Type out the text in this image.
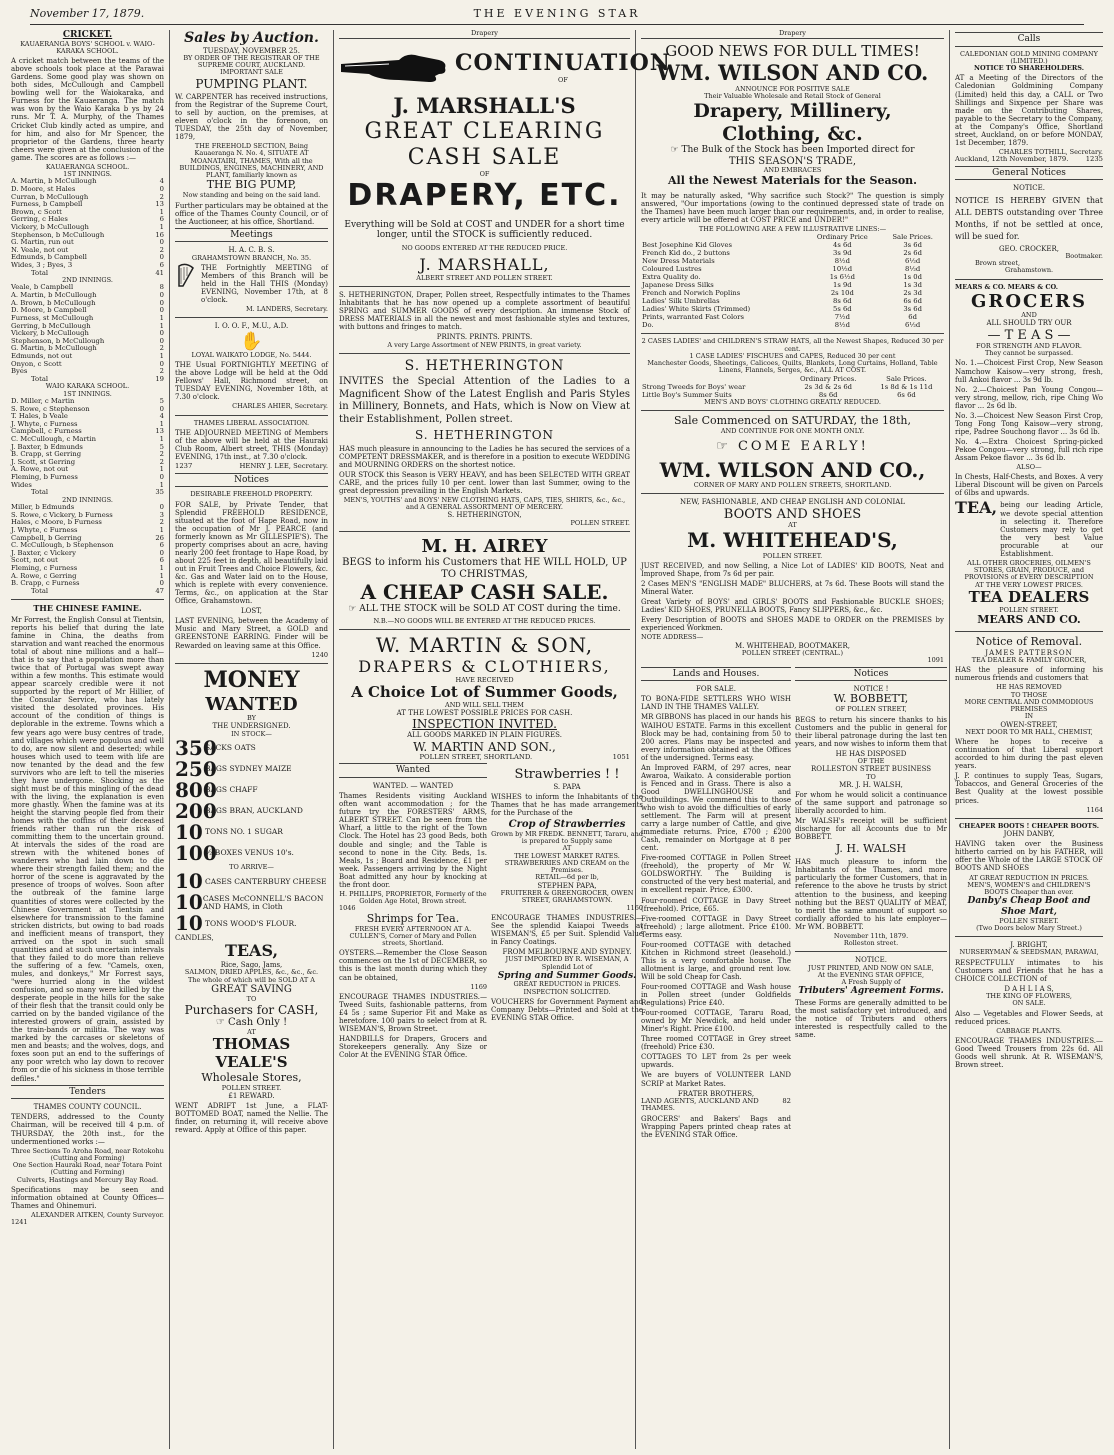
November 17, 1879.	THE EVENING STAR
CRICKET.
KAUAERANGA BOYS' SCHOOL v. WAIO-KARAKA SCHOOL.
A cricket match between the teams of the above schools took place at the Parawai Gardens. Some good play was shown on both sides, McCullough and Campbell bowling well for the Waiokaraka, and Furness for the Kauaeranga. The match was won by the Waio Karaka b ys by 24 runs. Mr T. A. Murphy, of the Thames Cricket Club kindly acted as umpire, and for him, and also for Mr Spencer, the proprietor of the Gardens, three hearty cheers were given at the conclusion of the game. The scores are as follows :—
KAUAERANGA SCHOOL.
1ST INNINGS.
A. Martin, b McCullough	4
D. Moore, st Hales	0
Curran, b McCullough	2
Furness, b Campbell	13
Brown, c Scott	1
Gerring, c Hales	6
Vickery, b McCullough	1
Stephenson, b McCullough	16
G. Martin, run out	0
N. Veale, not out	2
Edmunds, b Campbell	0
Wides, 3 ; Byes, 3	6
Total	41
2ND INNINGS.
Veale, b Campbell	8
A. Martin, b McCullough	0
A. Brown, b McCullough	0
D. Moore, b Campbell	0
Furness, st McCullough	1
Gerring, b McCullough	1
Vickery, b McCullough	0
Stephenson, b McCullough	0
G. Martin, b McCullough	2
Edmunds, not out	1
Onyon, c Scott	0
Byes	2
Total	19
WAIO KARAKA SCHOOL.
1ST INNINGS.
D. Miller, c Martin	5
S. Rowe, c Stephenson	0
T. Hales, b Veale	4
J. Whyte, c Furness	1
Campbell, c Furness	13
C. McCullough, c Martin	1
J. Baxter, b Edmunds	5
B. Crapp, st Gerring	2
J. Scott, st Gerring	2
A. Rowe, not out	1
Fleming, b Furness	0
Wides	1
Total	35
2ND INNINGS.
Miller, b Edmunds	0
S. Rowe, c Vickery, b Furness	3
Hales, c Moore, b Furness	2
J. Whyte, c Furness	1
Campbell, b Gerring	26
C. McCullough, b Stephenson	6
J. Baxter, c Vickery	0
Scott, not out	6
Fleming, c Furness	1
A. Rowe, c Gerring	1
B. Crapp, c Furness	0
Total	47
THE CHINESE FAMINE.
Mr Forrest, the English Consul at Tientsin, reports his belief that during the late famine in China, the deaths from starvation and want reached the enormous total of about nine millions and a half—that is to say that a population more than twice that of Portugal was swept away within a few months. This estimate would appear scarcely credible were it not supported by the report of Mr Hillier, of the Consular Service, who has lately visited the desolated provinces. His account of the condition of things is deplorable in the extreme. Towns which a few years ago were busy centres of trade, and villages which were populous and well to do, are now silent and deserted; while houses which used to teem with life are now tenanted by the dead and the few survivors who are left to tell the miseries they have undergone. Shocking as the sight must be of this mingling of the dead with the living, the explanation is even more ghastly. When the famine was at its height the starving people fled from their homes with the coffins of their deceased friends rather than run the risk of committing them to the uncertain ground. At intervals the sides of the road are strewn with the whitened bones of wanderers who had lain down to die where their strength failed them; and the horror of the scene is aggravated by the presence of troops of wolves. Soon after the outbreak of the famine large quantities of stores were collected by the Chinese Government at Tientsin and elsewhere for transmission to the famine stricken districts, but owing to bad roads and inefficient means of transport, they arrived on the spot in such small quantities and at such uncertain intervals that they failed to do more than relieve the suffering of a few. "Camels, oxen, mules, and donkeys," Mr Forrest says, "were hurried along in the wildest confusion, and so many were killed by the desperate people in the hills for the sake of their flesh that the transit could only be carried on by the banded vigilance of the interested growers of grain, assisted by the train-bands or militia. The way was marked by the carcases or skeletons of men and beasts; and the wolves, dogs, and foxes soon put an end to the sufferings of any poor wretch who lay down to recover from or die of his sickness in those terrible defiles."
Tenders
THAMES COUNTY COUNCIL.
TENDERS, addressed to the County Chairman, will be received till 4 p.m. of THURSDAY, the 20th inst., for the undermentioned works :—
Three Sections To Aroha Road, near Rotokohu (Cutting and Forming)
One Section Hauraki Road, near Totara Point (Cutting and Forming)
Culverts, Hastings and Mercury Bay Road.
Specifications may be seen and information obtained at County Offices—Thames and Ohinemuri.
ALEXANDER AITKEN, County Surveyor.
1241
Sales by Auction.
TUESDAY, NOVEMBER 25.
BY ORDER OF THE REGISTRAR OF THE SUPREME COURT, AUCKLAND.
IMPORTANT SALE
PUMPING PLANT.
W. CARPENTER has received instructions, from the Registrar of the Supreme Court, to sell by auction, on the premises, at eleven o'clock in the forenoon, on TUESDAY, the 25th day of November, 1879,
THE FREEHOLD SECTION, Being Kauaeranga N. No. 4, SITUATE AT MOANATAIRI, THAMES, With all the BUILDINGS, ENGINES, MACHINERY, AND PLANT, familiarly known as
THE BIG PUMP,
Now standing and being on the said land.
Further particulars may be obtained at the office of the Thames County Council, or of the Auctioneer, at his office, Shortland.
Meetings
H. A. C. B. S.
GRAHAMSTOWN BRANCH, No. 35.
THE Fortnightly MEETING of Members of this Branch will be held in the Hall THIS (Monday) EVENING, November 17th, at 8 o'clock.
M. LANDERS, Secretary.
I. O. O. F., M.U., A.D.
✋
LOYAL WAIKATO LODGE, No. 5444.
THE Usual FORTNIGHTLY MEETING of the above Lodge will be held at the Odd Fellows' Hall, Richmond street, on TUESDAY EVENING, November 18th, at 7.30 o'clock.
CHARLES AHIER, Secretary.
THAMES LIBERAL ASSOCIATION.
THE ADJOURNED MEETING of Members of the above will be held at the Hauraki Club Room, Albert street, THIS (Monday) EVENING, 17th inst., at 7.30 o'clock.
1237	HENRY J. LEE, Secretary.
Notices
DESIRABLE FREEHOLD PROPERTY.
FOR SALE, by Private Tender, that Splendid FREEHOLD RESIDENCE, situated at the foot of Hape Road, now in the occupation of Mr J. PEARCE (and formerly known as Mr GILLESPIE'S). The property comprises about an acre, having nearly 200 feet frontage to Hape Road, by about 225 feet in depth, all beautifully laid out in Fruit Trees and Choice Flowers, &c. &c. Gas and Water laid on to the House, which is replete with every convenience. Terms, &c., on application at the Star Office, Grahamstown.
LOST,
LAST EVENING, between the Academy of Music and Mary Street, a GOLD and GREENSTONE EARRING. Finder will be Rewarded on leaving same at this Office.
1240
MONEY
WANTED
BY
THE UNDERSIGNED.
IN STOCK—
350
SACKS OATS
250
BAGS SYDNEY MAIZE
800
BAGS CHAFF
200
BAGS BRAN, AUCKLAND
10 TONS NO. 1 SUGAR
100
½-BOXES VENUS 10's.
TO ARRIVE—
10 CASES CANTERBURY CHEESE
10 CASES McCONNELL'S BACON AND HAMS, in Cloth
10 TONS WOOD'S FLOUR.
CANDLES,
TEAS,
Rice, Sago, Jams,
SALMON, DRIED APPLES, &c., &c., &c.
The whole of which will be SOLD AT A
GREAT SAVING
TO
Purchasers for CASH,
☞ Cash Only !
AT
THOMAS VEALE'S
Wholesale Stores,
POLLEN STREET.
£1 REWARD.
WENT ADRIFT 1st June, a FLAT-BOTTOMED BOAT, named the Nellie. The finder, on returning it, will receive above reward. Apply at Office of this paper.
Drapery
CONTINUATION
OF
J. MARSHALL'S
GREAT CLEARING
CASH SALE
OF
DRAPERY, ETC.
Everything will be Sold at COST and UNDER for a short time longer, until the STOCK is sufficiently reduced.
NO GOODS ENTERED AT THE REDUCED PRICE.
J. MARSHALL,
ALBERT STREET AND POLLEN STREET.
S. HETHERINGTON, Draper, Pollen street, Respectfully intimates to the Thames Inhabitants that he has now opened up a complete assortment of beautiful SPRING and SUMMER GOODS of every description. An immense Stock of DRESS MATERIALS in all the newest and most fashionable styles and textures, with buttons and fringes to match.
PRINTS. PRINTS. PRINTS.
A very Large Assortment of NEW PRINTS, in great variety.
S. HETHERINGTON
INVITES the Special Attention of the Ladies to a Magnificent Show of the Latest English and Paris Styles in Millinery, Bonnets, and Hats, which is Now on View at their Establishment, Pollen street.
S. HETHERINGTON
HAS much pleasure in announcing to the Ladies he has secured the services of a COMPETENT DRESSMAKER, and is therefore in a position to execute WEDDING and MOURNING ORDERS on the shortest notice.
OUR STOCK this Season is VERY HEAVY, and has been SELECTED WITH GREAT CARE, and the prices fully 10 per cent. lower than last Summer, owing to the great depression prevailing in the English Markets.
MEN'S, YOUTHS' and BOYS' NEW CLOTHING HATS, CAPS, TIES, SHIRTS, &c., &c., and A GENERAL ASSORTMENT OF MERCERY.
S. HETHERINGTON,
POLLEN STREET.
M. H. AIREY
BEGS to inform his Customers that HE WILL HOLD, UP TO CHRISTMAS,
A CHEAP CASH SALE.
☞ ALL THE STOCK will be SOLD AT COST during the time.
N.B.—NO GOODS WILL BE ENTERED AT THE REDUCED PRICES.
W. MARTIN & SON,
DRAPERS & CLOTHIERS,
HAVE RECEIVED
A Choice Lot of Summer Goods,
AND WILL SELL THEM
AT THE LOWEST POSSIBLE PRICES FOR CASH.
INSPECTION INVITED.
ALL GOODS MARKED IN PLAIN FIGURES.
W. MARTIN AND SON.,
POLLEN STREET, SHORTLAND.	1051
Wanted
WANTED. — WANTED
Thames Residents visiting Auckland often want accommodation ; for the future try the FORESTERS' ARMS, ALBERT STREET. Can be seen from the Wharf, a little to the right of the Town Clock. The Hotel has 23 good Beds, both double and single; and the Table is second to none in the City. Beds, 1s. Meals, 1s ; Board and Residence, £1 per week. Passengers arriving by the Night Boat admitted any hour by knocking at the front door.
H. PHILLIPS, PROPRIETOR, Formerly of the Golden Age Hotel, Brown street.
1046
Shrimps for Tea.
FRESH EVERY AFTERNOON AT A. CULLEN'S, Corner of Mary and Pollen streets, Shortland.
OYSTERS.—Remember the Close Season commences on the 1st of DECEMBER, so this is the last month during which they can be obtained,
1169
ENCOURAGE THAMES INDUSTRIES.—Tweed Suits, fashionable patterns, from £4 5s ; same Superior Fit and Make as heretofore. 100 pairs to select from at R. WISEMAN'S, Brown Street.
HANDBILLS for Drapers, Grocers and Storekeepers generally. Any Size or Color At the EVENING STAR Office.
Strawberries ! !
S. PAPA
WISHES to inform the Inhabitants of the Thames that he has made arrangements for the Purchase of the
Crop of Strawberries
Grown by MR FREDK. BENNETT, Tararu, and is prepared to Supply same
AT
THE LOWEST MARKET RATES.
STRAWBERRIES AND CREAM on the Premises.
RETAIL—6d per lb,
STEPHEN PAPA,
FRUITERER & GREENGROCER, OWEN STREET, GRAHAMSTOWN.
1160
ENCOURAGE THAMES INDUSTRIES.—See the splendid Kaiapoi Tweeds at WISEMAN'S, £5 per Suit. Splendid Value in Fancy Coatings.
FROM MELBOURNE AND SYDNEY.
JUST IMPORTED BY R. WISEMAN, A Splendid Lot of
Spring and Summer Goods.
GREAT REDUCTION in PRICES. INSPECTION SOLICITED.
VOUCHERS for Government Payment and Company Debts—Printed and Sold at the EVENING STAR Office.
Drapery
GOOD NEWS FOR DULL TIMES!
WM. WILSON AND CO.
ANNOUNCE FOR POSITIVE SALE
Their Valuable Wholesale and Retail Stock of General
Drapery, Millinery, Clothing, &c.
☞ The Bulk of the Stock has been Imported direct for
THIS SEASON'S TRADE,
AND EMBRACES
All the Newest Materials for the Season.
It may be naturally asked, "Why sacrifice such Stock?" The question is simply answered, "Our importations (owing to the continued depressed state of trade on the Thames) have been much larger than our requirements, and, in order to realise, every article will be offered at COST PRICE and UNDER!"
THE FOLLOWING ARE A FEW ILLUSTRATIVE LINES:—
	Ordinary Price	Sale Prices.
Best Josephine Kid Gloves	4s 6d	3s 6d
French Kid do., 2 buttons	3s 9d	2s 6d
New Dress Materials	8½d	6½d
Coloured Lustres	10½d	8½d
Extra Quality do.	1s 6½d	1s 0d
Japanese Dress Silks	1s 9d	1s 3d
French and Norwich Poplins	2s 10d	2s 3d
Ladies' Silk Umbrellas	8s 6d	6s 6d
Ladies' White Skirts (Trimmed)	5s 6d	3s 6d
Prints, warranted Fast Colors	7½d	6d
Do.	8½d	6½d
2 CASES LADIES' and CHILDREN'S STRAW HATS, all the Newest Shapes, Reduced 30 per cent.
1 CASE LADIES' FISCHUES and CAPES, Reduced 30 per cent
Manchester Goods, Sheetings, Calicoes, Quilts, Blankets, Long Curtains, Holland, Table Linens, Flannels, Serges, &c., ALL AT COST.
	Ordinary Prices.	Sale Prices.
Strong Tweeds for Boys' wear	2s 3d & 2s 6d	1s 8d & 1s 11d
Little Boy's Summer Suits	8s 6d	6s 6d
MEN'S AND BOYS' CLOTHING GREATLY REDUCED.
Sale Commenced on SATURDAY, the 18th,
AND CONTINUE FOR ONE MONTH ONLY.
☞ COME EARLY!
WM. WILSON AND CO.,
CORNER OF MARY AND POLLEN STREETS, SHORTLAND.
NEW, FASHIONABLE, AND CHEAP ENGLISH AND COLONIAL
BOOTS AND SHOES
AT
M. WHITEHEAD'S,
POLLEN STREET.
JUST RECEIVED, and now Selling, a Nice Lot of LADIES' KID BOOTS, Neat and Improved Shape, from 7s 6d per pair.
2 Cases MEN'S "ENGLISH MADE" BLUCHERS, at 7s 6d. These Boots will stand the Mineral Water.
Great Variety of BOYS' and GIRLS' BOOTS and Fashionable BUCKLE SHOES; Ladies' KID SHOES, PRUNELLA BOOTS, Fancy SLIPPERS, &c., &c.
Every Description of BOOTS and SHOES MADE to ORDER on the PREMISES by experienced Workmen.
NOTE ADDRESS—
M. WHITEHEAD, BOOTMAKER,
POLLEN STREET (CENTRAL.)
1091
Lands and Houses.
FOR SALE.
TO BONA-FIDE SETTLERS WHO WISH LAND IN THE THAMES VALLEY.
MR GIBBONS has placed in our hands his WAIHOU ESTATE. Farms in this excellent Block may be had, containing from 50 to 200 acres. Plans may be inspected and every information obtained at the Offices of the undersigned. Terms easy.
An Improved FARM, of 297 acres, near Awaroa, Waikato. A considerable portion is Fenced and in Grass. There is also a Good DWELLINGHOUSE and Outbuildings. We commend this to those who wish to avoid the difficulties of early settlement. The Farm will at present carry a large number of Cattle, and give immediate returns. Price, £700 ; £200 Cash, remainder on Mortgage at 8 per cent.
Five-roomed COTTAGE in Pollen Street (freehold), the property of Mr W. GOLDSWORTHY. The Building is constructed of the very best material, and in excellent repair. Price, £300.
Four-roomed COTTAGE in Davy Street (freehold). Price, £65.
Five-roomed COTTAGE in Davy Street (freehold) ; large allotment. Price £100. Terms easy.
Four-roomed COTTAGE with detached Kitchen in Richmond street (leasehold.) This is a very comfortable house. The allotment is large, and ground rent low. Will be sold Cheap for Cash.
Four-roomed COTTAGE and Wash house in Pollen street (under Goldfields Regulations) Price £40.
Four-roomed COTTAGE, Tararu Road, owned by Mr Newdick, and held under Miner's Right. Price £100.
Three roomed COTTAGE in Grey street (freehold) Price £30.
COTTAGES TO LET from 2s per week upwards.
We are buyers of VOLUNTEER LAND SCRIP at Market Rates.
FRATER BROTHERS,
LAND AGENTS, AUCKLAND AND THAMES.
82
GROCERS' and Bakers' Bags and Wrapping Papers printed cheap rates at the EVENING STAR Office.
Notices
NOTICE !
W. BOBBETT,
OF POLLEN STREET,
BEGS to return his sincere thanks to his Customers and the public in general for their liberal patronage during the last ten years, and now wishes to inform them that
HE HAS DISPOSED
OF THE
ROLLESTON STREET BUSINESS
TO
MR. J. H. WALSH,
For whom he would solicit a continuance of the same support and patronage so liberally accorded to him.
Mr WALSH's receipt will be sufficient discharge for all Accounts due to Mr BOBBETT.
J. H. WALSH
HAS much pleasure to inform the Inhabitants of the Thames, and more particularly the former Customers, that in reference to the above he trusts by strict attention to the business, and keeping nothing but the BEST QUALITY of MEAT, to merit the same amount of support so cordially afforded to his late employer—Mr WM. BOBBETT.
November 11th, 1879.
Rolleston street.
NOTICE.
JUST PRINTED, AND NOW ON SALE,
At the EVENING STAR OFFICE,
A Fresh Supply of
Tributers' Agreement Forms.
These Forms are generally admitted to be the most satisfactory yet introduced, and the notice of Tributers and others interested is respectfully called to the same.
Calls
CALEDONIAN GOLD MINING COMPANY (LIMITED.)
NOTICE TO SHAREHOLDERS.
AT a Meeting of the Directors of the Caledonian Goldmining Company (Limited) held this day, a CALL or Two Shillings and Sixpence per Share was made on the Contributing Shares, payable to the Secretary to the Company, at the Company's Office, Shortland street, Auckland, on or before MONDAY, 1st December, 1879.
CHARLES TOTHILL, Secretary.
Auckland, 12th November, 1879.	1235
General Notices
NOTICE.
NOTICE IS HEREBY GIVEN that ALL DEBTS outstanding over Three Months, if not be settled at once, will be sued for.
GEO. CROCKER,
Bootmaker.
Brown street,
Grahamstown.
MEARS & CO. MEARS & CO.
GROCERS
AND
ALL SHOULD TRY OUR
— T E A S —
FOR STRENGTH AND FLAVOR.
They cannot be surpassed.
No. 1.—Choicest First Crop, New Season Namchow Kaisow—very strong, fresh, full Ankoi flavor ... 3s 9d lb.
No. 2.—Choicest Pan Young Congou—very strong, mellow, rich, ripe Ching Wo flavor ... 2s 6d lb.
No. 3.—Choicest New Season First Crop, Tong Fong Tong Kaisow—very strong, ripe, Padree Souchong flavor ... 3s 6d lb.
No. 4.—Extra Choicest Spring-picked Pekoe Congou—very strong, full rich ripe Assam Pekoe flavor ... 3s 6d lb.
ALSO—
In Chests, Half-Chests, and Boxes. A very Liberal Discount will be given on Parcels of 6lbs and upwards.
TEA, being our leading Article, we devote special attention in selecting it. Therefore Customers may rely to get the very best Value procurable at our Establishment.
ALL OTHER GROCERIES, OILMEN'S STORES, GRAIN, PRODUCE, and PROVISIONS of EVERY DESCRIPTION
AT THE VERY LOWEST PRICES.
TEA DEALERS
POLLEN STREET.
MEARS AND CO.
Notice of Removal.
JAMES PATTERSON
TEA DEALER & FAMILY GROCER,
HAS the pleasure of informing his numerous friends and customers that
HE HAS REMOVED
TO THOSE
MORE CENTRAL AND COMMODIOUS PREMISES
IN
OWEN-STREET,
NEXT DOOR TO MR HALL, CHEMIST,
Where he hopes to receive a continuation of that Liberal support accorded to him during the past eleven years.
J. P. continues to supply Teas, Sugars, Tobaccos, and General Groceries of the Best Quality at the lowest possible prices.
1164
CHEAPER BOOTS ! CHEAPER BOOTS.
JOHN DANBY,
HAVING taken over the Business hitherto carried on by his FATHER, will offer the Whole of the LARGE STOCK OF BOOTS AND SHOES
AT GREAT REDUCTION IN PRICES.
MEN'S, WOMEN'S and CHILDREN'S BOOTS Cheaper than ever.
Danby's Cheap Boot and Shoe Mart,
POLLEN STREET.
(Two Doors below Mary Street.)
J. BRIGHT,
NURSERYMAN & SEEDSMAN, PARAWAI,
RESPECTFULLY intimates to his Customers and Friends that he has a CHOICE COLLECTION of
D A H L I A S,
THE KING OF FLOWERS,
ON SALE.
Also — Vegetables and Flower Seeds, at reduced prices.
CABBAGE PLANTS.
ENCOURAGE THAMES INDUSTRIES.—Good Tweed Trousers from 22s 6d. All Goods well shrunk. At R. WISEMAN'S, Brown street.
